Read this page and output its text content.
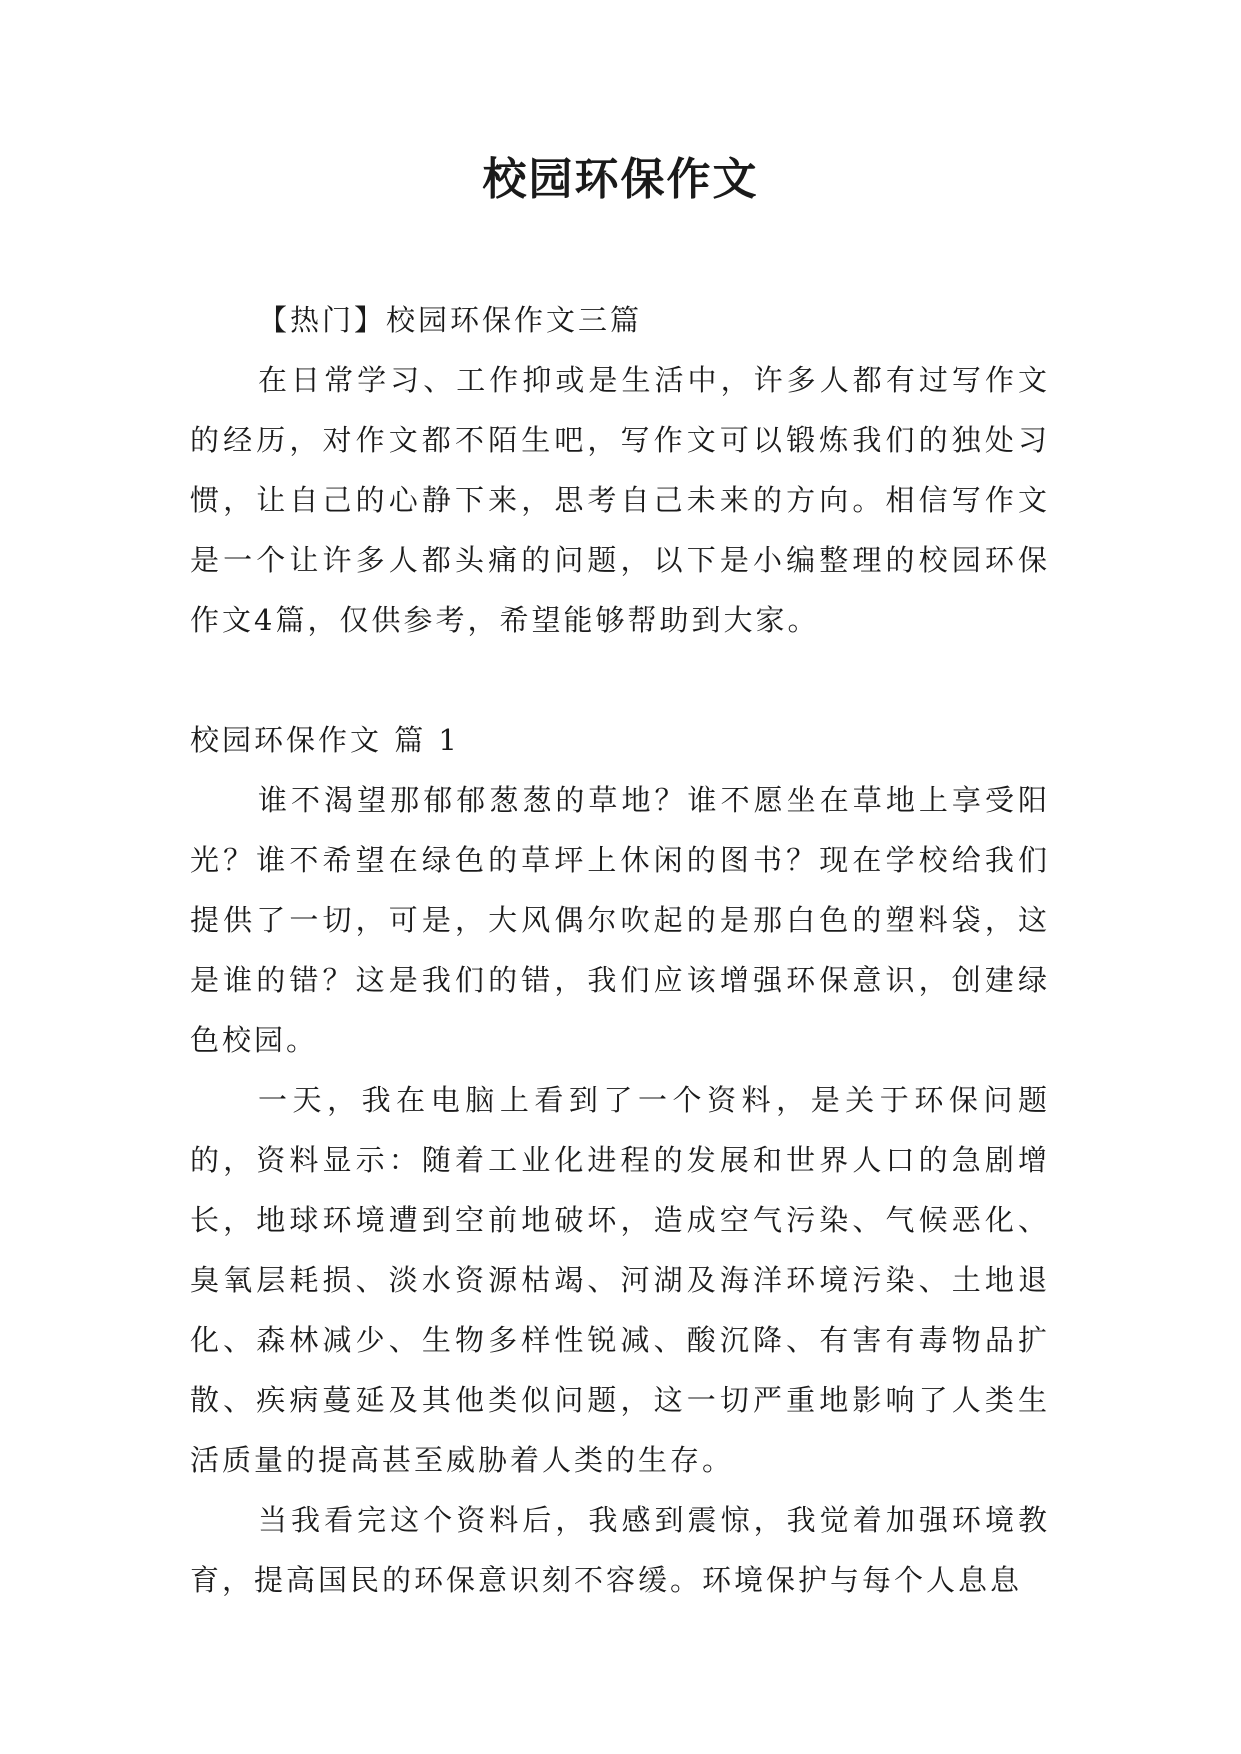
校园环保作文

【热门】校园环保作文三篇

在日常学习、工作抑或是生活中，许多人都有过写作文的经历，对作文都不陌生吧，写作文可以锻炼我们的独处习惯，让自己的心静下来，思考自己未来的方向。相信写作文是一个让许多人都头痛的问题，以下是小编整理的校园环保作文4篇，仅供参考，希望能够帮助到大家。

校园环保作文 篇 1

谁不渴望那郁郁葱葱的草地？谁不愿坐在草地上享受阳光？谁不希望在绿色的草坪上休闲的图书？现在学校给我们提供了一切，可是，大风偶尔吹起的是那白色的塑料袋，这是谁的错？这是我们的错，我们应该增强环保意识，创建绿色校园。

一天，我在电脑上看到了一个资料，是关于环保问题的，资料显示：随着工业化进程的发展和世界人口的急剧增长，地球环境遭到空前地破坏，造成空气污染、气候恶化、臭氧层耗损、淡水资源枯竭、河湖及海洋环境污染、土地退化、森林减少、生物多样性锐减、酸沉降、有害有毒物品扩散、疾病蔓延及其他类似问题，这一切严重地影响了人类生活质量的提高甚至威胁着人类的生存。

当我看完这个资料后，我感到震惊，我觉着加强环境教育，提高国民的环保意识刻不容缓。环境保护与每个人息息
